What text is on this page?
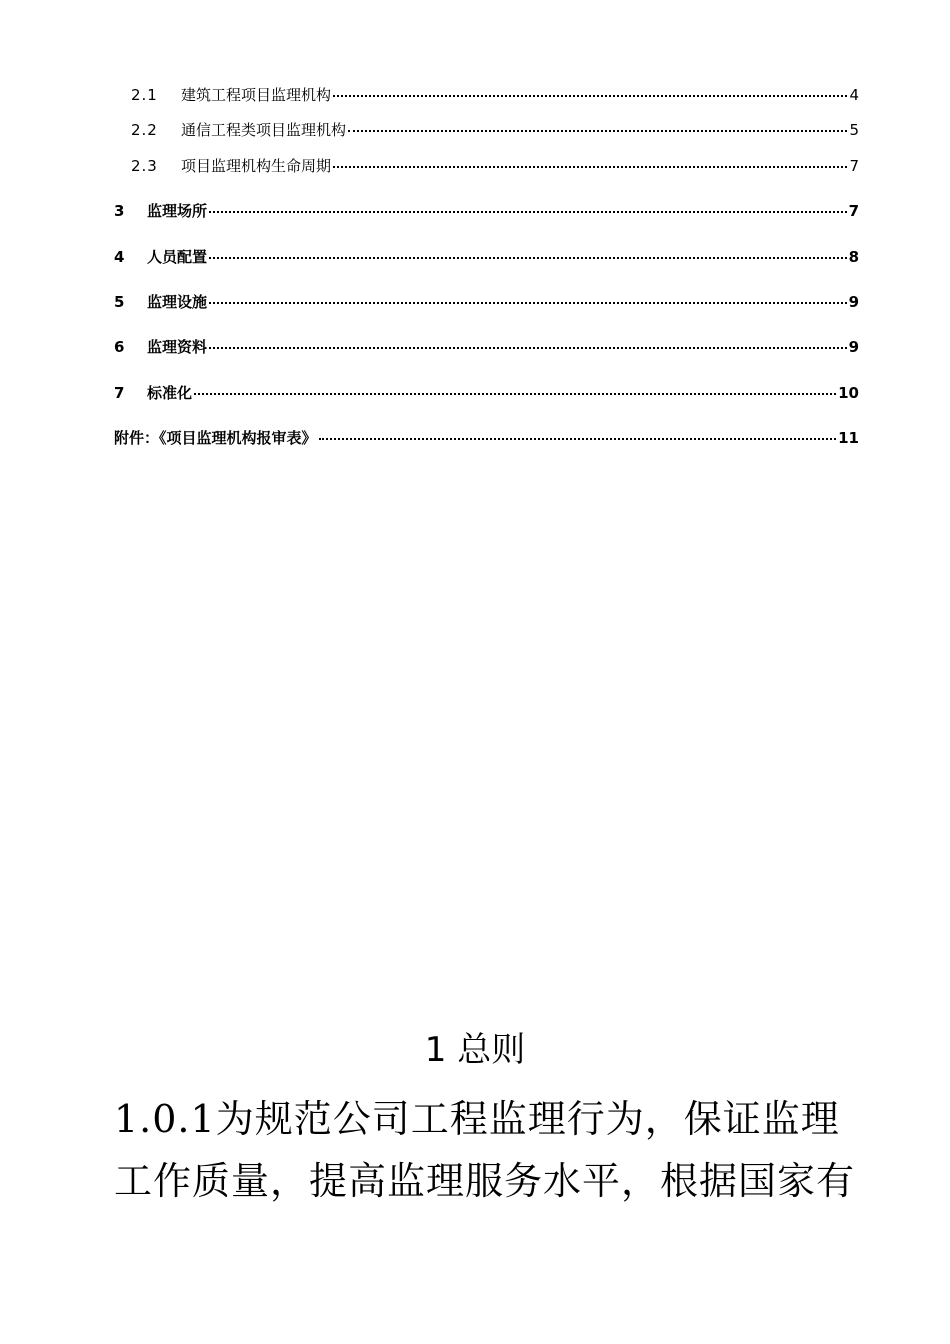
2.1	建筑工程项目监理机构	4
2.2	通信工程类项目监理机构	5
2.3	项目监理机构生命周期	7
3	监理场所	7
4	人员配置	8
5	监理设施	9
6	监理资料	9
7	标准化	10
附件：《项目监理机构报审表》	11
1 总则

1.0.1为规范公司工程监理行为，保证监理工作质量，提高监理服务水平，根据国家有
